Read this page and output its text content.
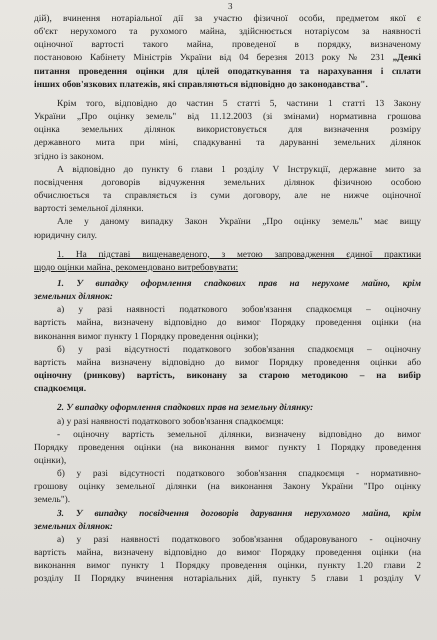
3

дій), вчинення нотаріальної дії за участю фізичної особи, предметом якої є
об'єкт нерухомого та рухомого майна, здійснюється нотаріусом за наявності
оціночної вартості такого майна, проведеної в порядку, визначеному
постановою Кабінету Міністрів України від 04 березня 2013 року № 231 „Деякі
питання проведення оцінки для цілей оподаткування та нарахування і сплати
інших обов'язкових платежів, які справляються відповідно до законодавства".

Крім того, відповідно до частин 5 статті 5, частини 1 статті 13 Закону
України „Про оцінку земель" від 11.12.2003 (зі змінами) нормативна грошова
оцінка земельних ділянок використовується для визначення розміру
державного мита при міні, спадкуванні та даруванні земельних ділянок
згідно із законом.

А відповідно до пункту 6 глави 1 розділу V Інструкції, державне мито за
посвідчення договорів відчуження земельних ділянок фізичною особою
обчислюється та справляється із суми договору, але не нижче оціночної
вартості земельної ділянки.

Але у даному випадку Закон України „Про оцінку земель" має вищу
юридичну силу.

1. На підставі вищенаведеного, з метою запровадження єдиної практики
щодо оцінки майна, рекомендовано витребовувати:

1. У випадку оформлення спадкових прав на нерухоме майно, крім
земельних ділянок:
а) у разі наявності податкового зобов'язання спадкоємця – оціночну
вартість майна, визначену відповідно до вимог Порядку проведення оцінки (на
виконання вимог пункту 1 Порядку проведення оцінки);
б) у разі відсутності податкового зобов'язання спадкоємця – оціночну
вартість майна визначену відповідно до вимог Порядку проведення оцінки або
оціночну (ринкову) вартість, виконану за старою методикою – на вибір
спадкоємця.
2. У випадку оформлення спадкових прав на земельну ділянку:
а) у разі наявності податкового зобов'язання спадкоємця:
- оціночну вартість земельної ділянки, визначену відповідно до вимог
Порядку проведення оцінки (на виконання вимог пункту 1 Порядку проведення
оцінки),
б) у разі відсутності податкового зобов'язання спадкоємця - нормативно-
грошову оцінку земельної ділянки (на виконання Закону України "Про оцінку
земель").
3. У випадку посвідчення договорів дарування нерухомого майна, крім
земельних ділянок:
а) у разі наявності податкового зобов'язання обдаровуваного - оціночну
вартість майна, визначену відповідно до вимог Порядку проведення оцінки (на
виконання вимог пункту 1 Порядку проведення оцінки, пункту 1.20 глави 2
розділу ІІ Порядку вчинення нотаріальних дій, пункту 5 глави 1 розділу V
